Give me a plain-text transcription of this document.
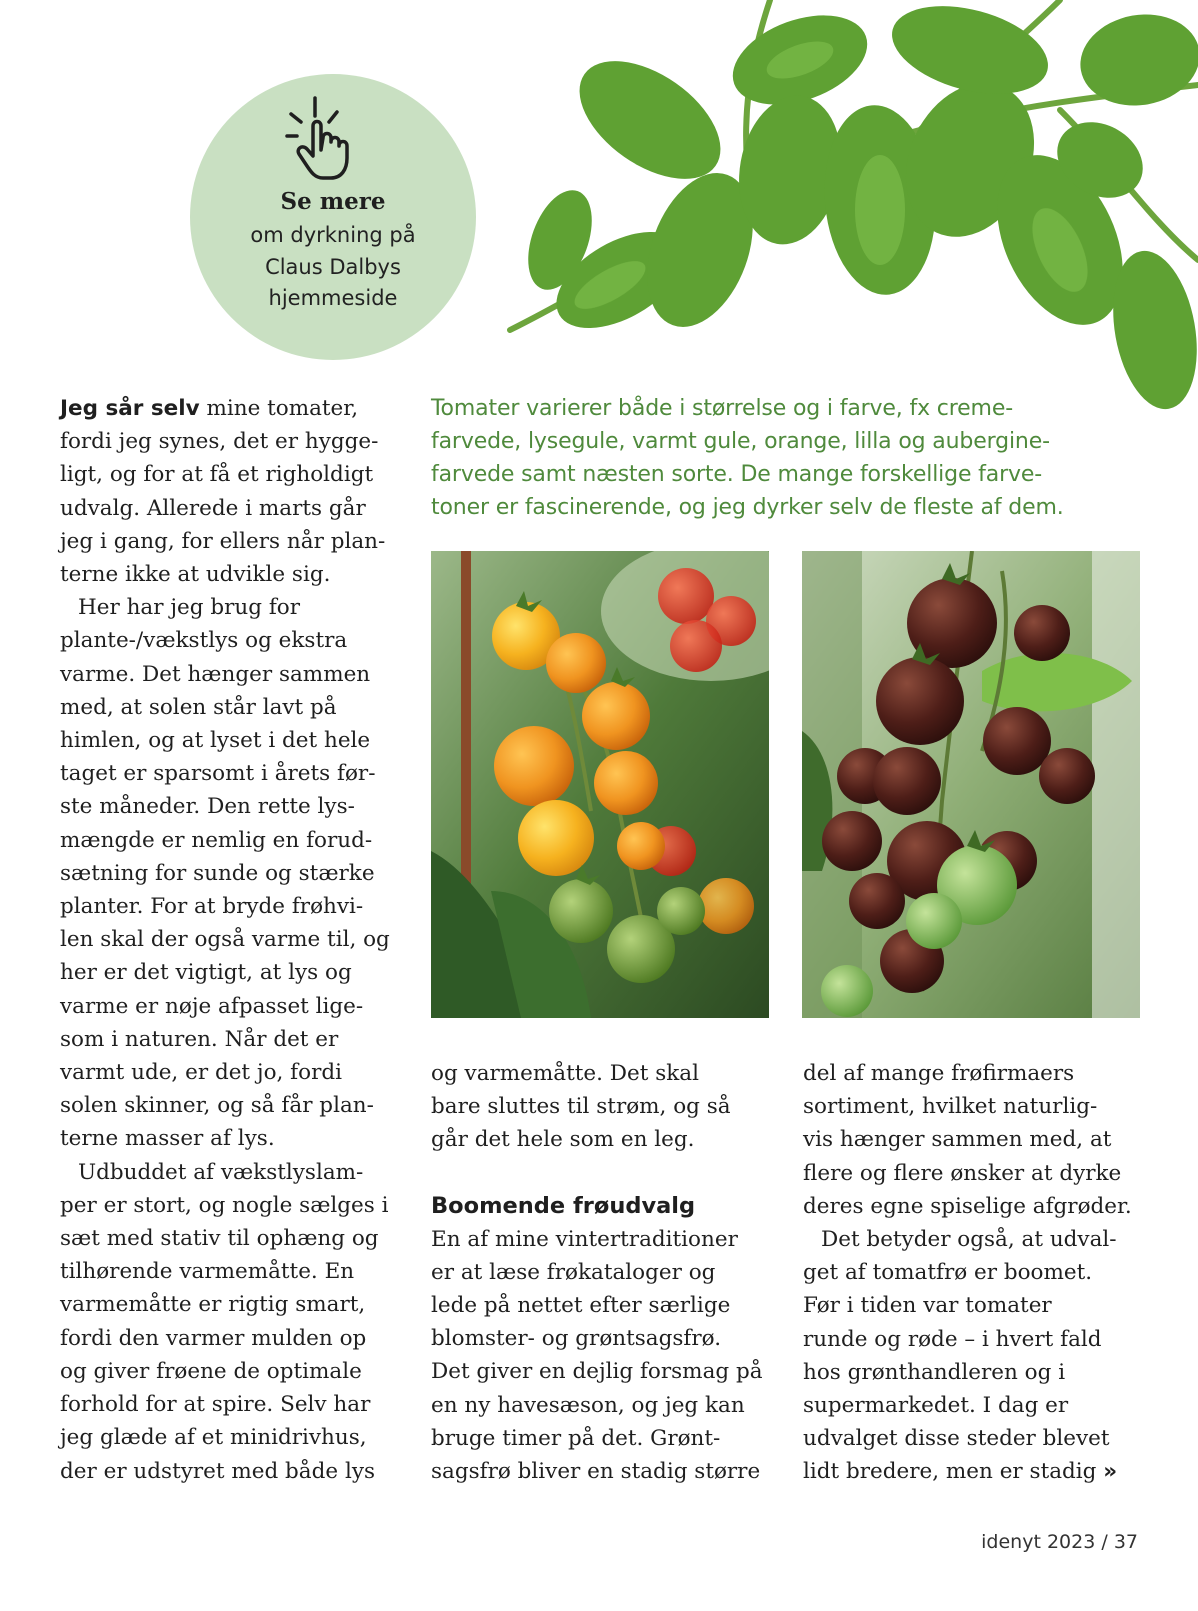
Se mere
om dyrkning på
Claus Dalbys
hjemmeside

Tomater varierer både i størrelse og i farve, fx creme-

farvede, lysegule, varmt gule, orange, lilla og aubergine-

farvede samt næsten sorte. De mange forskellige farve-

toner er fascinerende, og jeg dyrker selv de fleste af dem.

Jeg sår selv mine tomater,

fordi jeg synes, det er hygge-

ligt, og for at få et righoldigt

udvalg. Allerede i marts går

jeg i gang, for ellers når plan-

terne ikke at udvikle sig.

Her har jeg brug for

plante-/vækstlys og ekstra

varme. Det hænger sammen

med, at solen står lavt på

himlen, og at lyset i det hele

taget er sparsomt i årets før-

ste måneder. Den rette lys-

mængde er nemlig en forud-

sætning for sunde og stærke

planter. For at bryde frøhvi-

len skal der også varme til, og

her er det vigtigt, at lys og

varme er nøje afpasset lige-

som i naturen. Når det er

varmt ude, er det jo, fordi

solen skinner, og så får plan-

terne masser af lys.

Udbuddet af vækstlyslam-

per er stort, og nogle sælges i

sæt med stativ til ophæng og

tilhørende varmemåtte. En

varmemåtte er rigtig smart,

fordi den varmer mulden op

og giver frøene de optimale

forhold for at spire. Selv har

jeg glæde af et minidrivhus,

der er udstyret med både lys

og varmemåtte. Det skal

bare sluttes til strøm, og så

går det hele som en leg.

Boomende frøudvalg

En af mine vintertraditioner

er at læse frøkataloger og

lede på nettet efter særlige

blomster- og grøntsagsfrø.

Det giver en dejlig forsmag på

en ny havesæson, og jeg kan

bruge timer på det. Grønt-

sagsfrø bliver en stadig større

del af mange frøfirmaers

sortiment, hvilket naturlig-

vis hænger sammen med, at

flere og flere ønsker at dyrke

deres egne spiselige afgrøder.

Det betyder også, at udval-

get af tomatfrø er boomet.

Før i tiden var tomater

runde og røde – i hvert fald

hos grønthandleren og i

supermarkedet. I dag er

udvalget disse steder blevet

lidt bredere, men er stadig »

idenyt 2023 / 37
